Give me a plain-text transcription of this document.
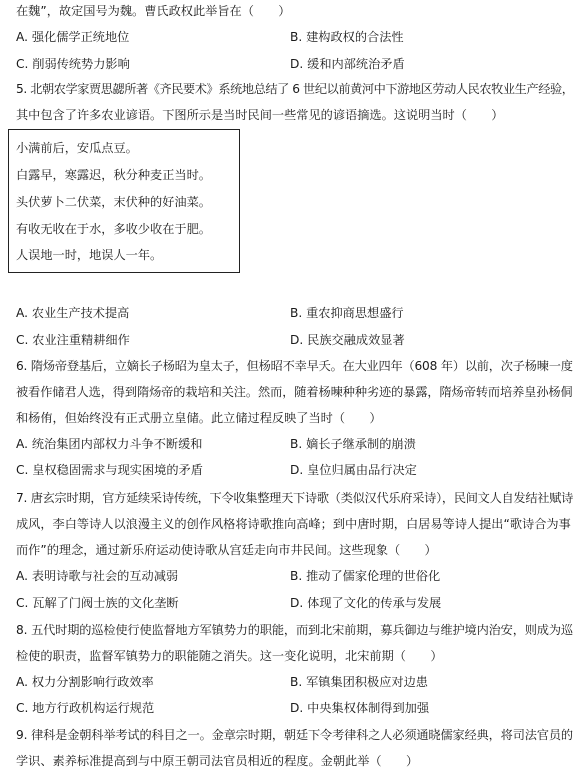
在魏”，故定国号为魏。曹氏政权此举旨在（　　）
A. 强化儒学正统地位	B. 建构政权的合法性
C. 削弱传统势力影响	D. 缓和内部统治矛盾
5. 北朝农学家贾思勰所著《齐民要术》系统地总结了 6 世纪以前黄河中下游地区劳动人民农牧业生产经验，
其中包含了许多农业谚语。下图所示是当时民间一些常见的谚语摘选。这说明当时（　　）
小满前后，安瓜点豆。
白露早，寒露迟，秋分种麦正当时。
头伏萝卜二伏菜，末伏种的好油菜。
有收无收在于水，多收少收在于肥。
人误地一时，地误人一年。
A. 农业生产技术提高	B. 重农抑商思想盛行
C. 农业注重精耕细作	D. 民族交融成效显著
6. 隋炀帝登基后，立嫡长子杨昭为皇太子，但杨昭不幸早夭。在大业四年（608 年）以前，次子杨暕一度
被看作储君人选，得到隋炀帝的栽培和关注。然而，随着杨暕种种劣迹的暴露，隋炀帝转而培养皇孙杨侗
和杨侑，但始终没有正式册立皇储。此立储过程反映了当时（　　）
A. 统治集团内部权力斗争不断缓和	B. 嫡长子继承制的崩溃
C. 皇权稳固需求与现实困境的矛盾	D. 皇位归属由品行决定
7. 唐玄宗时期，官方延续采诗传统，下令收集整理天下诗歌（类似汉代乐府采诗），民间文人自发结社赋诗
成风，李白等诗人以浪漫主义的创作风格将诗歌推向高峰；到中唐时期，白居易等诗人提出“歌诗合为事
而作”的理念，通过新乐府运动使诗歌从宫廷走向市井民间。这些现象（　　）
A. 表明诗歌与社会的互动减弱	B. 推动了儒家伦理的世俗化
C. 瓦解了门阀士族的文化垄断	D. 体现了文化的传承与发展
8. 五代时期的巡检使行使监督地方军镇势力的职能，而到北宋前期，募兵御边与维护境内治安，则成为巡
检使的职责，监督军镇势力的职能随之消失。这一变化说明，北宋前期（　　）
A. 权力分割影响行政效率	B. 军镇集团积极应对边患
C. 地方行政机构运行规范	D. 中央集权体制得到加强
9. 律科是金朝科举考试的科目之一。金章宗时期，朝廷下令考律科之人必须通晓儒家经典，将司法官员的
学识、素养标准提高到与中原王朝司法官员相近的程度。金朝此举（　　）
